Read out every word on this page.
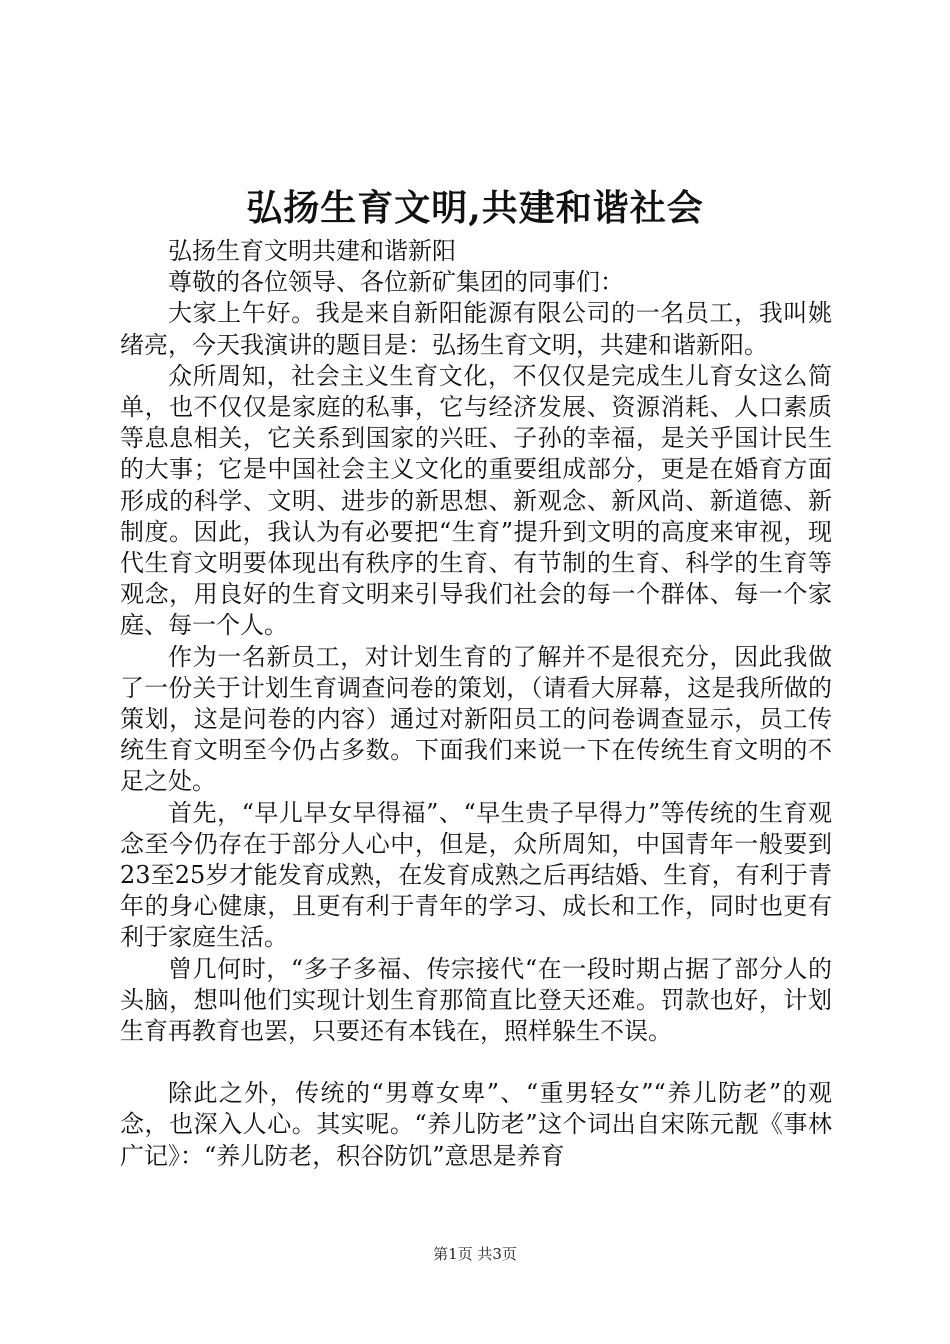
弘扬生育文明,共建和谐社会

弘扬生育文明共建和谐新阳

尊敬的各位领导、各位新矿集团的同事们：

大家上午好。我是来自新阳能源有限公司的一名员工，我叫姚绪亮，今天我演讲的题目是：弘扬生育文明，共建和谐新阳。

众所周知，社会主义生育文化，不仅仅是完成生儿育女这么简单，也不仅仅是家庭的私事，它与经济发展、资源消耗、人口素质等息息相关，它关系到国家的兴旺、子孙的幸福，是关乎国计民生的大事；它是中国社会主义文化的重要组成部分，更是在婚育方面形成的科学、文明、进步的新思想、新观念、新风尚、新道德、新制度。因此，我认为有必要把“生育”提升到文明的高度来审视，现代生育文明要体现出有秩序的生育、有节制的生育、科学的生育等观念，用良好的生育文明来引导我们社会的每一个群体、每一个家庭、每一个人。

作为一名新员工，对计划生育的了解并不是很充分，因此我做了一份关于计划生育调查问卷的策划，（请看大屏幕，这是我所做的策划，这是问卷的内容）通过对新阳员工的问卷调查显示，员工传统生育文明至今仍占多数。下面我们来说一下在传统生育文明的不足之处。

首先，“早儿早女早得福”、“早生贵子早得力”等传统的生育观念至今仍存在于部分人心中，但是，众所周知，中国青年一般要到23至25岁才能发育成熟，在发育成熟之后再结婚、生育，有利于青年的身心健康，且更有利于青年的学习、成长和工作，同时也更有利于家庭生活。

曾几何时，“多子多福、传宗接代“在一段时期占据了部分人的头脑，想叫他们实现计划生育那简直比登天还难。罚款也好，计划生育再教育也罢，只要还有本钱在，照样躲生不误。

除此之外，传统的“男尊女卑”、“重男轻女”“养儿防老”的观念，也深入人心。其实呢。“养儿防老”这个词出自宋陈元靓《事林广记》：“养儿防老，积谷防饥”意思是养育

第1页 共3页
